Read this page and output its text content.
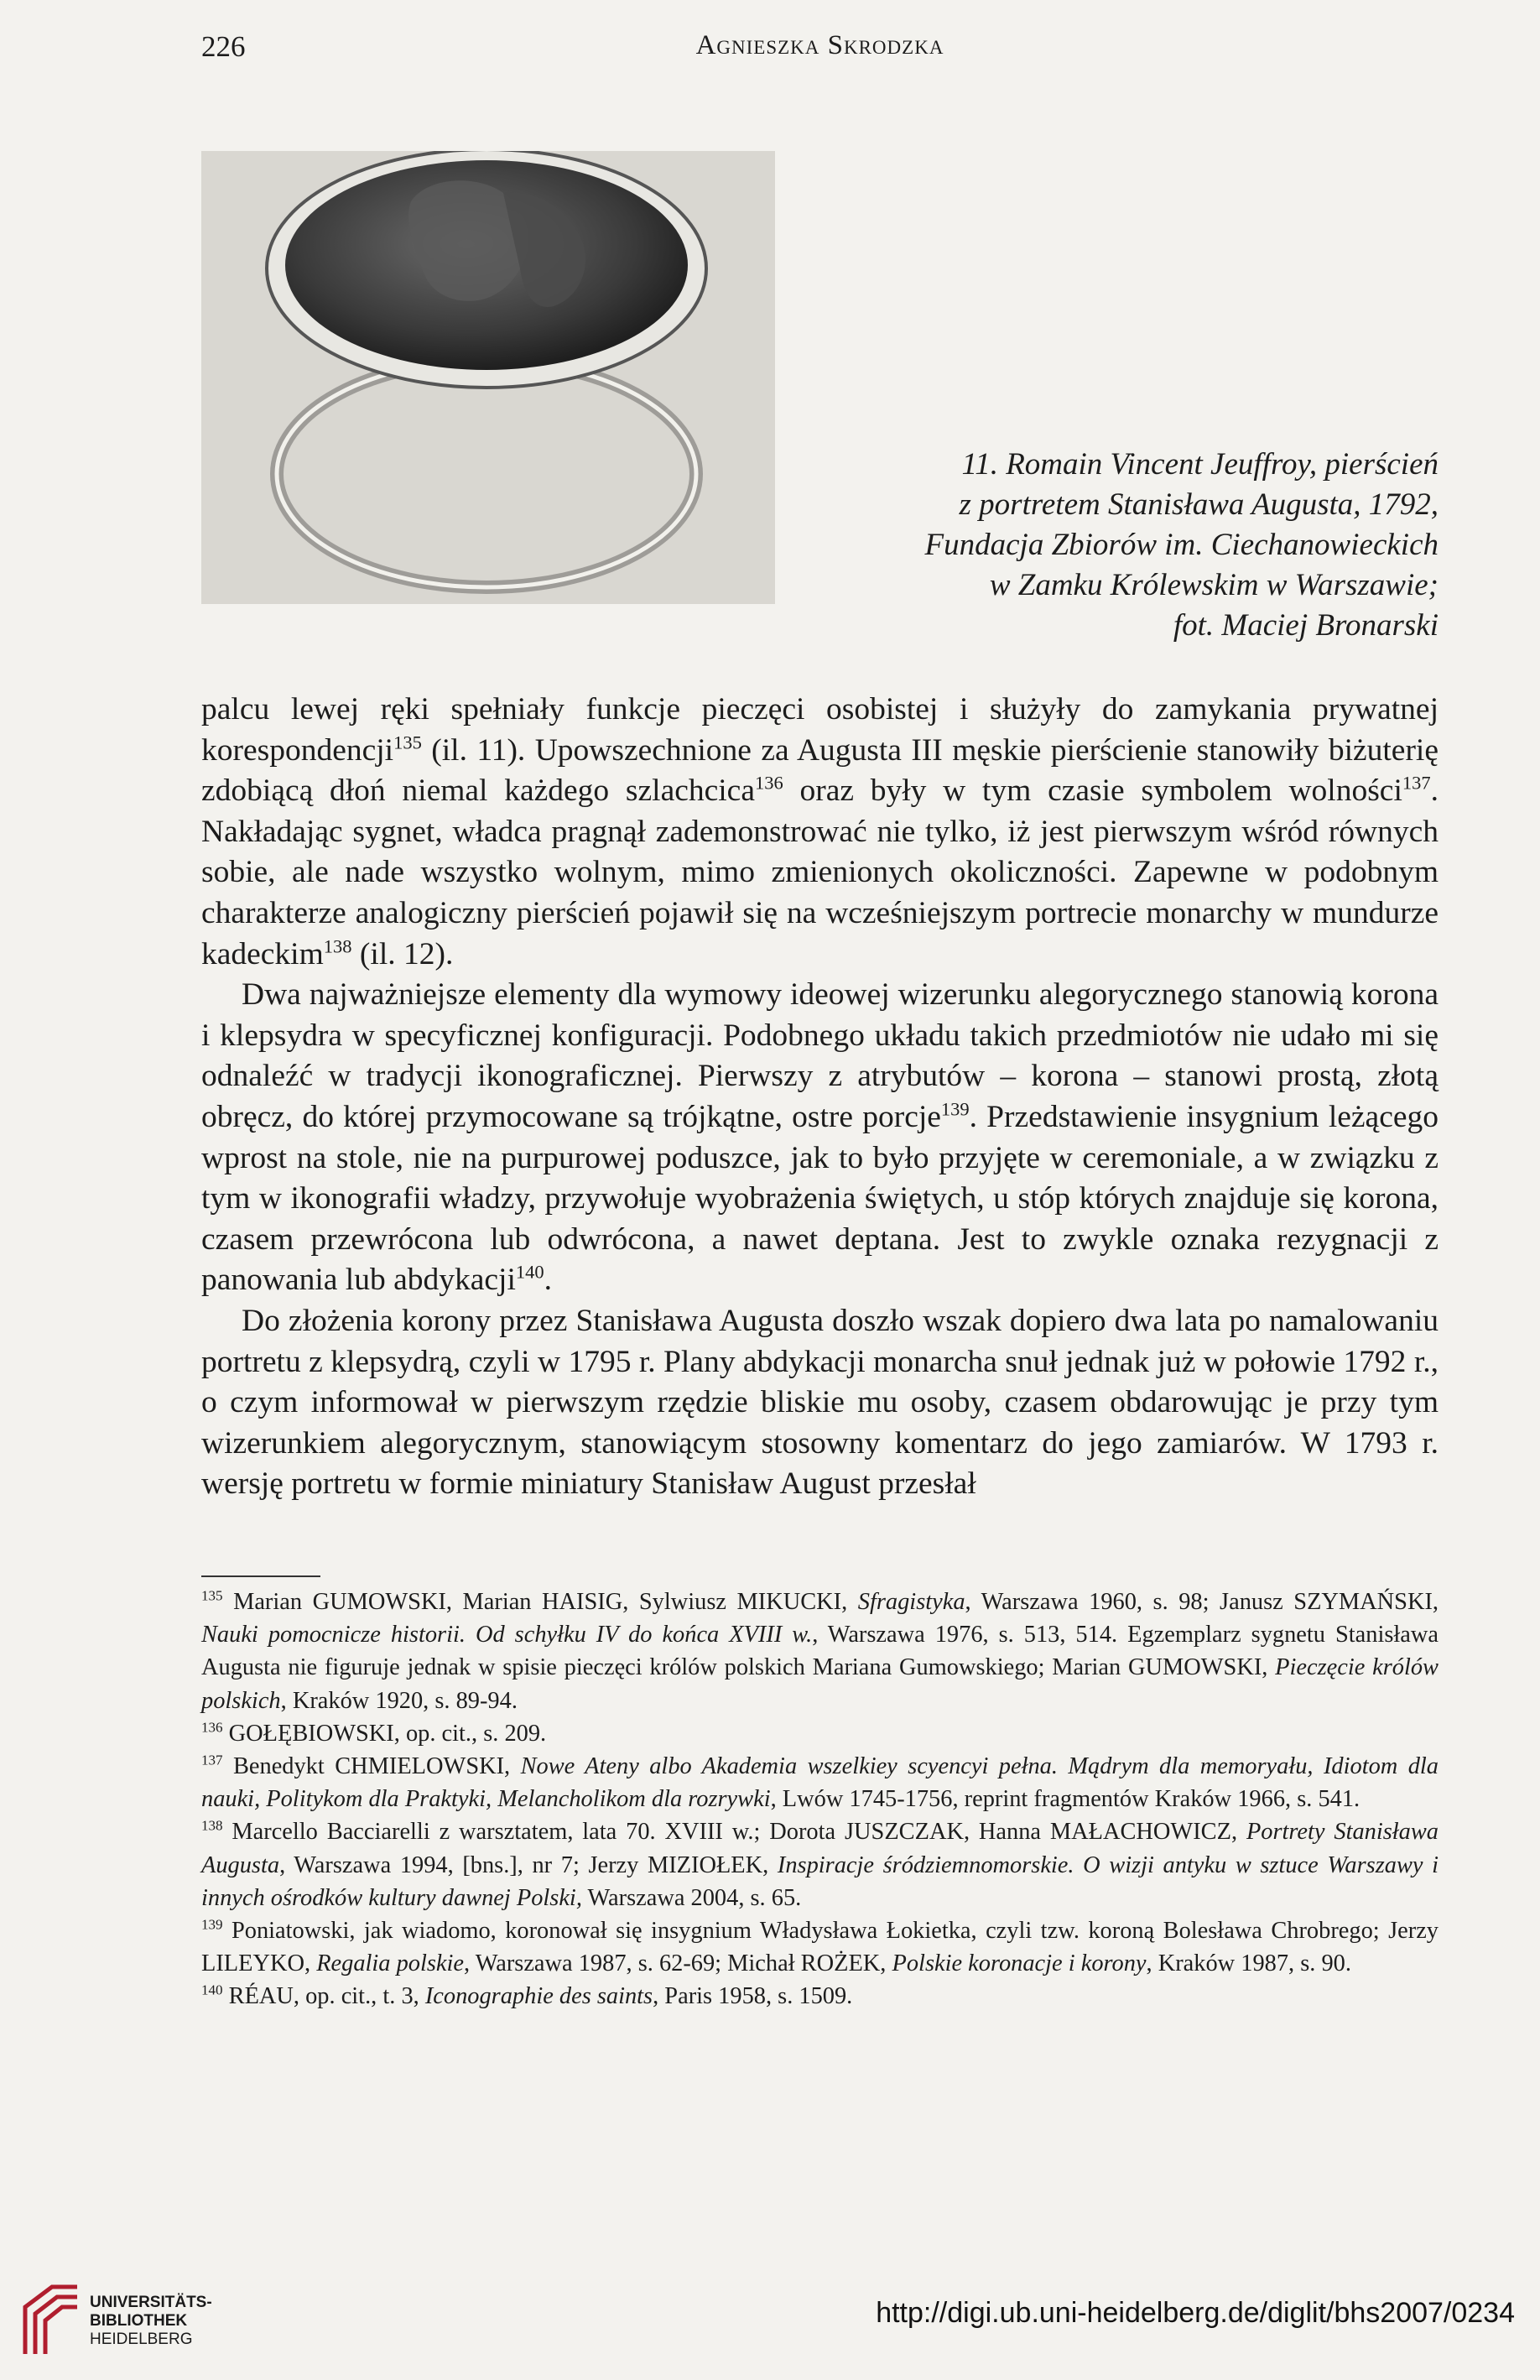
226	Agnieszka Skrodzka
11. Romain Vincent Jeuffroy, pierścień
z portretem Stanisława Augusta, 1792,
Fundacja Zbiorów im. Ciechanowieckich
w Zamku Królewskim w Warszawie;
fot. Maciej Bronarski

palcu lewej ręki spełniały funkcje pieczęci osobistej i służyły do zamykania prywatnej korespondencji$^{135}$ (il. 11). Upowszechnione za Augusta III męskie pierścienie stanowiły biżuterię zdobiącą dłoń niemal każdego szlachcica$^{136}$ oraz były w tym czasie symbolem wolności$^{137}$. Nakładając sygnet, władca pragnął zademonstrować nie tylko, iż jest pierwszym wśród równych sobie, ale nade wszystko wolnym, mimo zmienionych okoliczności. Zapewne w podobnym charakterze analogiczny pierścień pojawił się na wcześniejszym portrecie monarchy w mundurze kadeckim$^{138}$ (il. 12).

Dwa najważniejsze elementy dla wymowy ideowej wizerunku alegorycznego stanowią korona i klepsydra w specyficznej konfiguracji. Podobnego układu takich przedmiotów nie udało mi się odnaleźć w tradycji ikonograficznej. Pierwszy z atrybutów – korona – stanowi prostą, złotą obręcz, do której przymocowane są trójkątne, ostre porcje$^{139}$. Przedstawienie insygnium leżącego wprost na stole, nie na purpurowej poduszce, jak to było przyjęte w ceremoniale, a w związku z tym w ikonografii władzy, przywołuje wyobrażenia świętych, u stóp których znajduje się korona, czasem przewrócona lub odwrócona, a nawet deptana. Jest to zwykle oznaka rezygnacji z panowania lub abdykacji$^{140}$.

Do złożenia korony przez Stanisława Augusta doszło wszak dopiero dwa lata po namalowaniu portretu z klepsydrą, czyli w 1795 r. Plany abdykacji monarcha snuł jednak już w połowie 1792 r., o czym informował w pierwszym rzędzie bliskie mu osoby, czasem obdarowując je przy tym wizerunkiem alegorycznym, stanowiącym stosowny komentarz do jego zamiarów. W 1793 r. wersję portretu w formie miniatury Stanisław August przesłał

$^{135}$ Marian GUMOWSKI, Marian HAISIG, Sylwiusz MIKUCKI, Sfragistyka, Warszawa 1960, s. 98; Janusz SZYMAŃSKI, Nauki pomocnicze historii. Od schyłku IV do końca XVIII w., Warszawa 1976, s. 513, 514. Egzemplarz sygnetu Stanisława Augusta nie figuruje jednak w spisie pieczęci królów polskich Mariana Gumowskiego; Marian GUMOWSKI, Pieczęcie królów polskich, Kraków 1920, s. 89-94.

$^{136}$ GOŁĘBIOWSKI, op. cit., s. 209.

$^{137}$ Benedykt CHMIELOWSKI, Nowe Ateny albo Akademia wszelkiey scyencyi pełna. Mądrym dla memoryału, Idiotom dla nauki, Politykom dla Praktyki, Melancholikom dla rozrywki, Lwów 1745-1756, reprint fragmentów Kraków 1966, s. 541.

$^{138}$ Marcello Bacciarelli z warsztatem, lata 70. XVIII w.; Dorota JUSZCZAK, Hanna MAŁACHOWICZ, Portrety Stanisława Augusta, Warszawa 1994, [bns.], nr 7; Jerzy MIZIOŁEK, Inspiracje śródziemnomorskie. O wizji antyku w sztuce Warszawy i innych ośrodków kultury dawnej Polski, Warszawa 2004, s. 65.

$^{139}$ Poniatowski, jak wiadomo, koronował się insygnium Władysława Łokietka, czyli tzw. koroną Bolesława Chrobrego; Jerzy LILEYKO, Regalia polskie, Warszawa 1987, s. 62-69; Michał ROŻEK, Polskie koronacje i korony, Kraków 1987, s. 90.

$^{140}$ RÉAU, op. cit., t. 3, Iconographie des saints, Paris 1958, s. 1509.

UNIVERSITÄTS-
BIBLIOTHEK
HEIDELBERG
http://digi.ub.uni-heidelberg.de/diglit/bhs2007/0234
